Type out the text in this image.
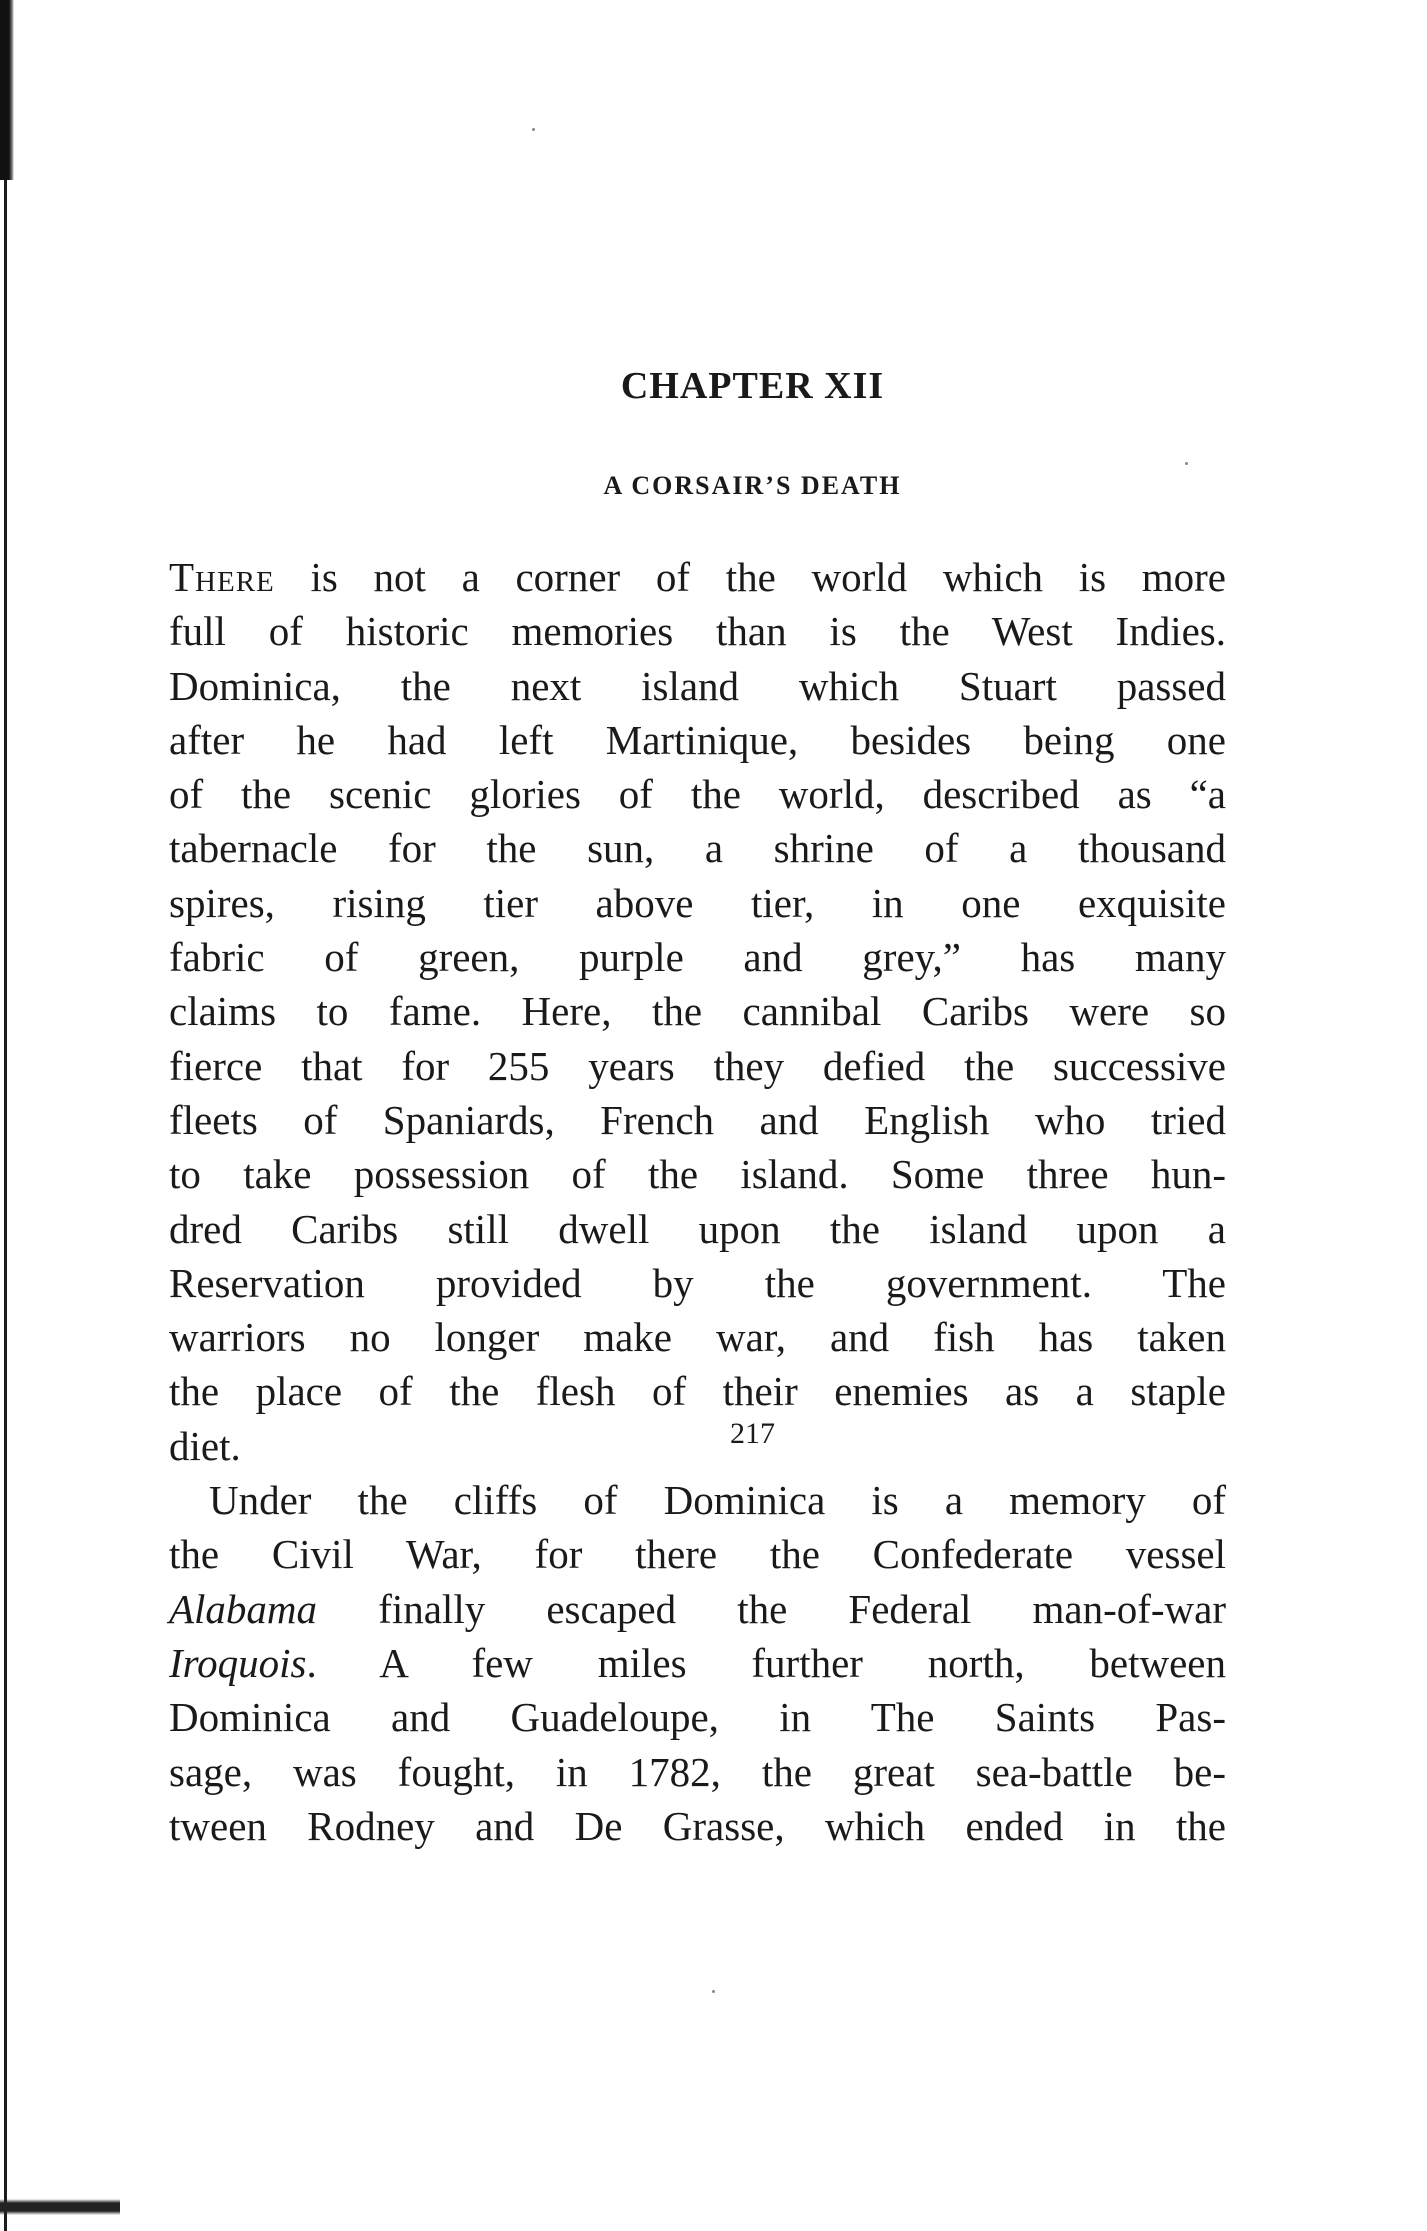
CHAPTER XII
A CORSAIR’S DEATH
There is not a corner of the world which is more
full of historic memories than is the West Indies.
Dominica, the next island which Stuart passed
after he had left Martinique, besides being one
of the scenic glories of the world, described as “a
tabernacle for the sun, a shrine of a thousand
spires, rising tier above tier, in one exquisite
fabric of green, purple and grey,” has many
claims to fame. Here, the cannibal Caribs were so
fierce that for 255 years they defied the successive
fleets of Spaniards, French and English who tried
to take possession of the island. Some three hun-
dred Caribs still dwell upon the island upon a
Reservation provided by the government. The
warriors no longer make war, and fish has taken
the place of the flesh of their enemies as a staple
diet.
Under the cliffs of Dominica is a memory of
the Civil War, for there the Confederate vessel
Alabama finally escaped the Federal man-of-war
Iroquois. A few miles further north, between
Dominica and Guadeloupe, in The Saints Pas-
sage, was fought, in 1782, the great sea-battle be-
tween Rodney and De Grasse, which ended in the
217
